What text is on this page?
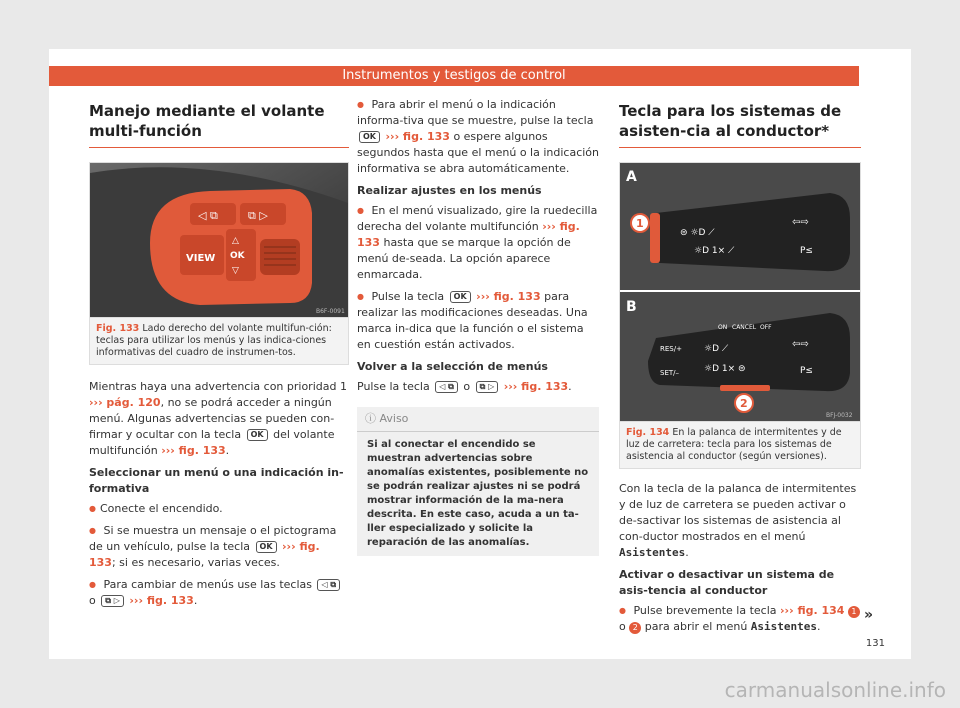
Instrumentos y testigos de control
Manejo mediante el volante multi-función
◁ ⧉	⧉ ▷
VIEW
△
OK
▽
B6F-0091
Fig. 133 Lado derecho del volante multifun-ción: teclas para utilizar los menús y las indica-ciones informativas del cuadro de instrumen-tos.

Mientras haya una advertencia con prioridad 1 ››› pág. 120, no se podrá acceder a ningún menú. Algunas advertencias se pueden con-firmar y ocultar con la tecla OK del volante multifunción ››› fig. 133.

Seleccionar un menú o una indicación in-formativa

● Conecte el encendido.

● Si se muestra un mensaje o el pictograma de un vehículo, pulse la tecla OK ››› fig. 133; si es necesario, varias veces.

● Para cambiar de menús use las teclas ◁ ⧉ o ⧉ ▷ ››› fig. 133.

● Para abrir el menú o la indicación informa-tiva que se muestre, pulse la tecla OK ››› fig. 133 o espere algunos segundos hasta que el menú o la indicación informativa se abra automáticamente.

Realizar ajustes en los menús

● En el menú visualizado, gire la ruedecilla derecha del volante multifunción ››› fig. 133 hasta que se marque la opción de menú de-seada. La opción aparece enmarcada.

● Pulse la tecla OK ››› fig. 133 para realizar las modificaciones deseadas. Una marca in-dica que la función o el sistema en cuestión están activados.

Volver a la selección de menús

Pulse la tecla ◁ ⧉ o ⧉ ▷ ››› fig. 133.

ⓘ Aviso
Si al conectar el encendido se muestran advertencias sobre anomalías existentes, posiblemente no se podrán realizar ajustes ni se podrá mostrar información de la ma-nera descrita. En este caso, acuda a un ta-ller especializado y solicite la reparación de las anomalías.
Tecla para los sistemas de asisten-cia al conductor*
A
B
⊜ ☼D ⟋
☼D 1× ⟋
⇦⇨
P≤
1
RES/+
SET/–
ON CANCEL OFF
☼D ⟋
☼D 1× ⊜
⇦⇨
P≤
2
BFJ-0032
Fig. 134 En la palanca de intermitentes y de luz de carretera: tecla para los sistemas de asistencia al conductor (según versiones).

Con la tecla de la palanca de intermitentes y de luz de carretera se pueden activar o de-sactivar los sistemas de asistencia al con-ductor mostrados en el menú Asistentes.

Activar o desactivar un sistema de asis-tencia al conductor

● Pulse brevemente la tecla ››› fig. 134 1 o 2 para abrir el menú Asistentes.

»
131
carmanualsonline.info
